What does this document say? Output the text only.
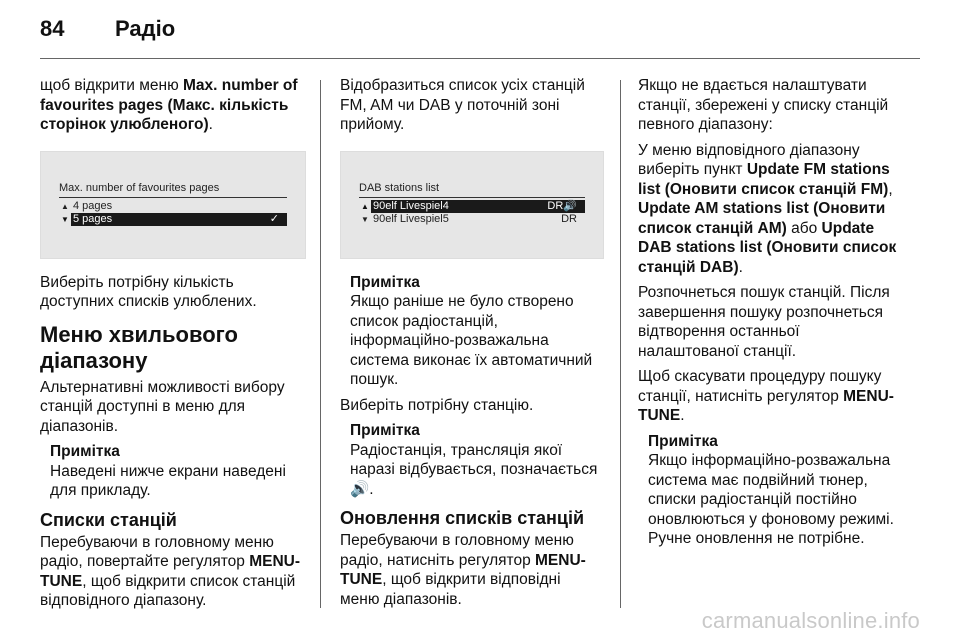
84 Радіо

щоб відкрити меню Max. number of favourites pages (Макс. кількість сторінок улюбленого).

Max. number of favourites pages
▲ 4 pages
▼ 5 pages	✓

Виберіть потрібну кількість доступних списків улюблених.

Меню хвильового діапазону

Альтернативні можливості вибору станцій доступні в меню для діапазонів.

Примітка
Наведені нижче екрани наведені для прикладу.
Списки станцій

Перебуваючи в головному меню радіо, повертайте регулятор MENU-TUNE, щоб відкрити список станцій відповідного діапазону.

Відобразиться список усіх станцій FM, AM чи DAB у поточній зоні прийому.

DAB stations list
▲ 90elf Livespiel4	DR🔊
▼ 90elf Livespiel5	DR
Примітка
Якщо раніше не було створено список радіостанцій, інформаційно-розважальна система виконає їх автоматичний пошук.

Виберіть потрібну станцію.

Примітка
Радіостанція, трансляція якої наразі відбувається, позначається 🔊.
Оновлення списків станцій

Перебуваючи в головному меню радіо, натисніть регулятор MENU-TUNE, щоб відкрити відповідні меню діапазонів.

Якщо не вдається налаштувати станції, збережені у списку станцій певного діапазону:

У меню відповідного діапазону виберіть пункт Update FM stations list (Оновити список станцій FM), Update AM stations list (Оновити список станцій AM) або Update DAB stations list (Оновити список станцій DAB).

Розпочнеться пошук станцій. Після завершення пошуку розпочнеться відтворення останньої налаштованої станції.

Щоб скасувати процедуру пошуку станції, натисніть регулятор MENU-TUNE.

Примітка
Якщо інформаційно-розважальна система має подвійний тюнер, списки радіостанцій постійно оновлюються у фоновому режимі. Ручне оновлення не потрібне.
carmanualsonline.info
